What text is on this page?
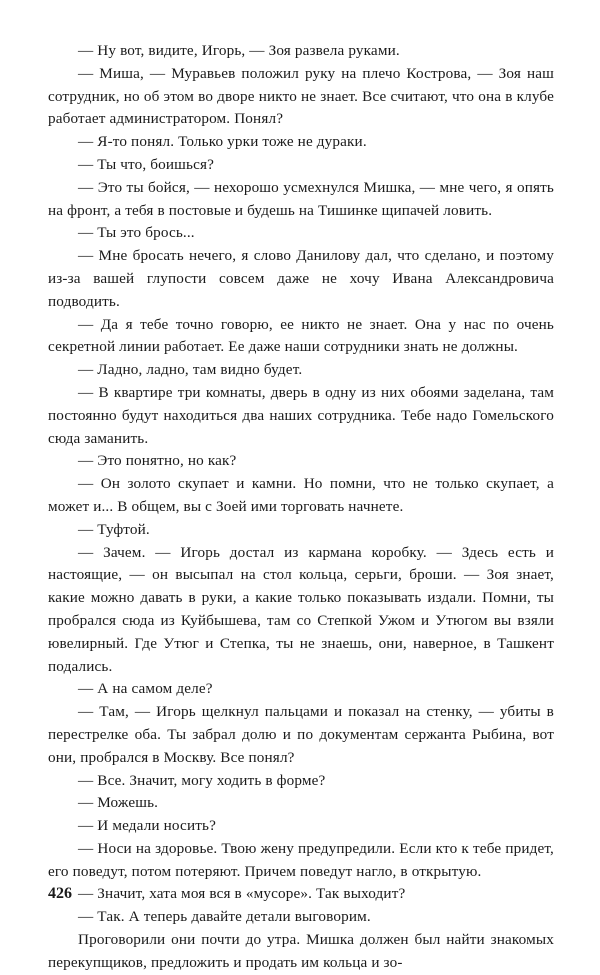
— Ну вот, видите, Игорь, — Зоя развела руками.

— Миша, — Муравьев положил руку на плечо Кострова, — Зоя наш сотрудник, но об этом во дворе никто не знает. Все считают, что она в клубе работает администратором. Понял?

— Я-то понял. Только урки тоже не дураки.

— Ты что, боишься?

— Это ты бойся, — нехорошо усмехнулся Мишка, — мне чего, я опять на фронт, а тебя в постовые и будешь на Тишинке щипачей ловить.

— Ты это брось...

— Мне бросать нечего, я слово Данилову дал, что сделано, и поэтому из-за вашей глупости совсем даже не хочу Ивана Александровича подводить.

— Да я тебе точно говорю, ее никто не знает. Она у нас по очень секретной линии работает. Ее даже наши сотрудники знать не должны.

— Ладно, ладно, там видно будет.

— В квартире три комнаты, дверь в одну из них обоями заделана, там постоянно будут находиться два наших сотрудника. Тебе надо Гомельского сюда заманить.

— Это понятно, но как?

— Он золото скупает и камни. Но помни, что не только скупает, а может и... В общем, вы с Зоей ими торговать начнете.

— Туфтой.

— Зачем. — Игорь достал из кармана коробку. — Здесь есть и настоящие, — он высыпал на стол кольца, серьги, броши. — Зоя знает, какие можно давать в руки, а какие только показывать издали. Помни, ты пробрался сюда из Куйбышева, там со Степкой Ужом и Утюгом вы взяли ювелирный. Где Утюг и Степка, ты не знаешь, они, наверное, в Ташкент подались.

— А на самом деле?

— Там, — Игорь щелкнул пальцами и показал на стенку, — убиты в перестрелке оба. Ты забрал долю и по документам сержанта Рыбина, вот они, пробрался в Москву. Все понял?

— Все. Значит, могу ходить в форме?

— Можешь.

— И медали носить?

— Носи на здоровье. Твою жену предупредили. Если кто к тебе придет, его поведут, потом потеряют. Причем поведут нагло, в открытую.

— Значит, хата моя вся в «мусоре». Так выходит?

— Так. А теперь давайте детали выговорим.

Проговорили они почти до утра. Мишка должен был найти знакомых перекупщиков, предложить и продать им кольца и зо-

426
